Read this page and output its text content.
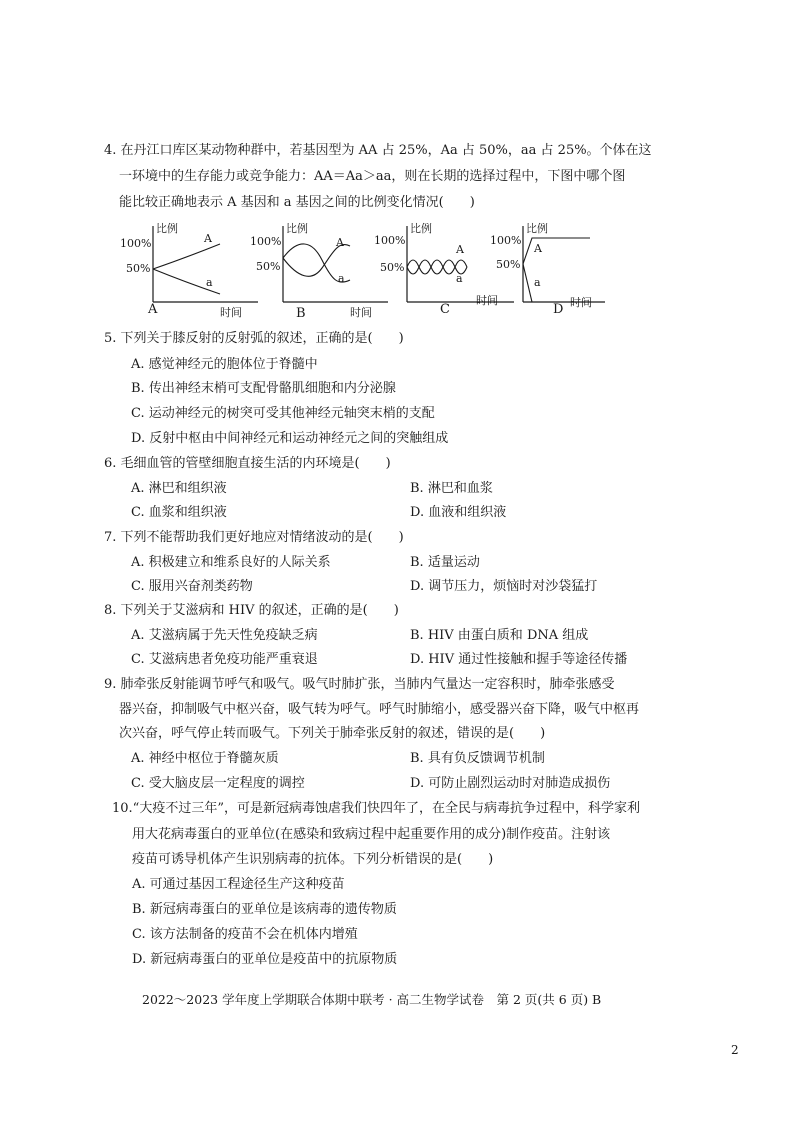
4. 在丹江口库区某动物种群中，若基因型为 AA 占 25%，Aa 占 50%，aa 占 25%。个体在这
一环境中的生存能力或竞争能力：AA＝Aa＞aa，则在长期的选择过程中，下图中哪个图
能比较正确地表示 A 基因和 a 基因之间的比例变化情况(　　)
比例
100%
50%
A
a
时间
A
比例
100%
50%
A
a
时间
B
比例
100%
50%
A
a
时间
C
比例
100%
50%
A
a
时间
D
5. 下列关于膝反射的反射弧的叙述，正确的是(　　)
A. 感觉神经元的胞体位于脊髓中
B. 传出神经末梢可支配骨骼肌细胞和内分泌腺
C. 运动神经元的树突可受其他神经元轴突末梢的支配
D. 反射中枢由中间神经元和运动神经元之间的突触组成
6. 毛细血管的管壁细胞直接生活的内环境是(　　)
A. 淋巴和组织液	B. 淋巴和血浆
C. 血浆和组织液	D. 血液和组织液
7. 下列不能帮助我们更好地应对情绪波动的是(　　)
A. 积极建立和维系良好的人际关系	B. 适量运动
C. 服用兴奋剂类药物	D. 调节压力，烦恼时对沙袋猛打
8. 下列关于艾滋病和 HIV 的叙述，正确的是(　　)
A. 艾滋病属于先天性免疫缺乏病	B. HIV 由蛋白质和 DNA 组成
C. 艾滋病患者免疫功能严重衰退	D. HIV 通过性接触和握手等途径传播
9. 肺牵张反射能调节呼气和吸气。吸气时肺扩张，当肺内气量达一定容积时，肺牵张感受
器兴奋，抑制吸气中枢兴奋，吸气转为呼气。呼气时肺缩小，感受器兴奋下降，吸气中枢再
次兴奋，呼气停止转而吸气。下列关于肺牵张反射的叙述，错误的是(　　)
A. 神经中枢位于脊髓灰质	B. 具有负反馈调节机制
C. 受大脑皮层一定程度的调控	D. 可防止剧烈运动时对肺造成损伤
10.“大疫不过三年”，可是新冠病毒蚀虐我们快四年了，在全民与病毒抗争过程中，科学家利
用大花病毒蛋白的亚单位(在感染和致病过程中起重要作用的成分)制作疫苗。注射该
疫苗可诱导机体产生识别病毒的抗体。下列分析错误的是(　　)
A. 可通过基因工程途径生产这种疫苗
B. 新冠病毒蛋白的亚单位是该病毒的遗传物质
C. 该方法制备的疫苗不会在机体内增殖
D. 新冠病毒蛋白的亚单位是疫苗中的抗原物质
2022～2023 学年度上学期联合体期中联考 · 高二生物学试卷　第 2 页(共 6 页) B
2
